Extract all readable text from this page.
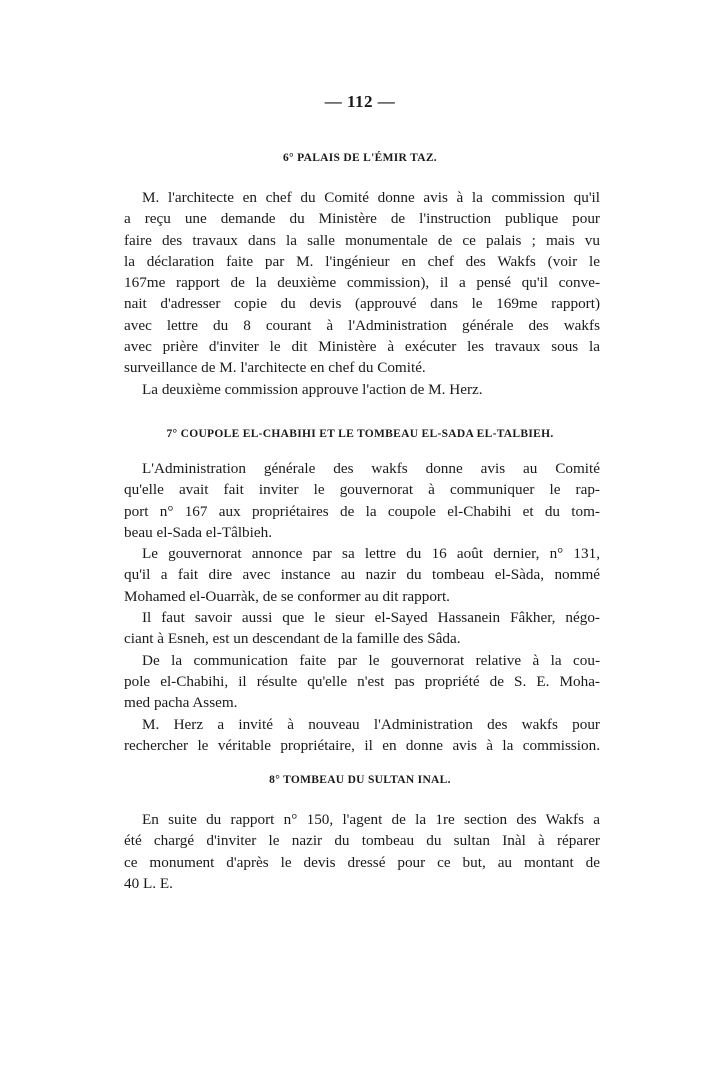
— 112 —
6° PALAIS DE L'ÉMIR TAZ.
M. l'architecte en chef du Comité donne avis à la commission qu'il
a reçu une demande du Ministère de l'instruction publique pour
faire des travaux dans la salle monumentale de ce palais ; mais vu
la déclaration faite par M. l'ingénieur en chef des Wakfs (voir le
167me rapport de la deuxième commission), il a pensé qu'il conve-
nait d'adresser copie du devis (approuvé dans le 169me rapport)
avec lettre du 8 courant à l'Administration générale des wakfs
avec prière d'inviter le dit Ministère à exécuter les travaux sous la
surveillance de M. l'architecte en chef du Comité.
La deuxième commission approuve l'action de M. Herz.
7° COUPOLE EL-CHABIHI ET LE TOMBEAU EL-SADA EL-TALBIEH.
L'Administration générale des wakfs donne avis au Comité
qu'elle avait fait inviter le gouvernorat à communiquer le rap-
port n° 167 aux propriétaires de la coupole el-Chabihi et du tom-
beau el-Sada el-Tâlbieh.
Le gouvernorat annonce par sa lettre du 16 août dernier, n° 131,
qu'il a fait dire avec instance au nazir du tombeau el-Sàda, nommé
Mohamed el-Ouarràk, de se conformer au dit rapport.
Il faut savoir aussi que le sieur el-Sayed Hassanein Fâkher, négo-
ciant à Esneh, est un descendant de la famille des Sâda.
De la communication faite par le gouvernorat relative à la cou-
pole el-Chabihi, il résulte qu'elle n'est pas propriété de S. E. Moha-
med pacha Assem.
M. Herz a invité à nouveau l'Administration des wakfs pour
rechercher le véritable propriétaire, il en donne avis à la commission.
8° TOMBEAU DU SULTAN INAL.
En suite du rapport n° 150, l'agent de la 1re section des Wakfs a
été chargé d'inviter le nazir du tombeau du sultan Inàl à réparer
ce monument d'après le devis dressé pour ce but, au montant de
40 L. E.
